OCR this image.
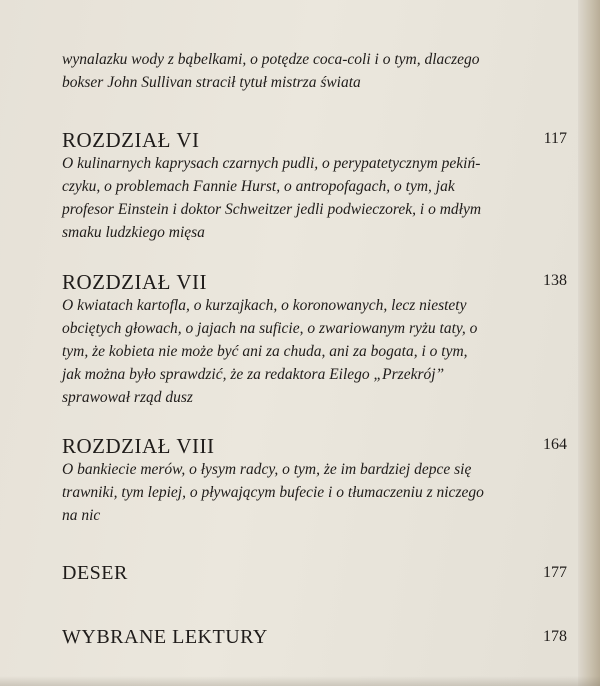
wynalazku wody z bąbelkami, o potędze coca-coli i o tym, dlaczego
bokser John Sullivan stracił tytuł mistrza świata
ROZDZIAŁ VI	117
O kulinarnych kaprysach czarnych pudli, o perypatetycznym pekiń-
czyku, o problemach Fannie Hurst, o antropofagach, o tym, jak
profesor Einstein i doktor Schweitzer jedli podwieczorek, i o mdłym
smaku ludzkiego mięsa
ROZDZIAŁ VII	138
O kwiatach kartofla, o kurzajkach, o koronowanych, lecz niestety
obciętych głowach, o jajach na suficie, o zwariowanym ryżu taty, o
tym, że kobieta nie może być ani za chuda, ani za bogata, i o tym,
jak można było sprawdzić, że za redaktora Eilego „Przekrój”
sprawował rząd dusz
ROZDZIAŁ VIII	164
O bankiecie merów, o łysym radcy, o tym, że im bardziej depce się
trawniki, tym lepiej, o pływającym bufecie i o tłumaczeniu z niczego
na nic
DESER	177
WYBRANE LEKTURY	178
